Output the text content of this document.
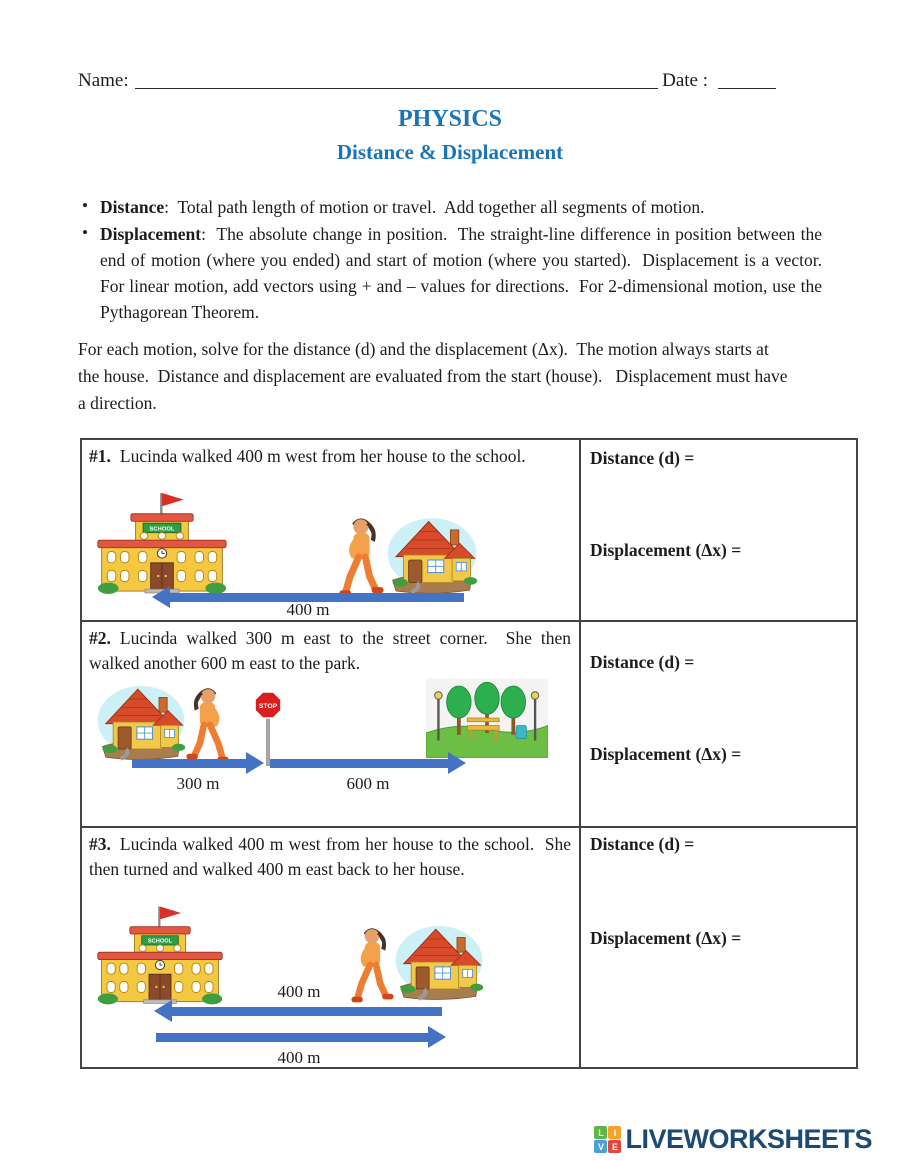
Name:	Date :
PHYSICS
Distance & Displacement
• Distance:  Total path length of motion or travel.  Add together all segments of motion.
• Displacement:  The absolute change in position.  The straight-line difference in position between the end of motion (where you ended) and start of motion (where you started).  Displacement is a vector.  For linear motion, add vectors using + and – values for directions.  For 2-dimensional motion, use the Pythagorean Theorem.

For each motion, solve for the distance (d) and the displacement (Δx).  The motion always starts at the house.  Distance and displacement are evaluated from the start (house).   Displacement must have a direction.

#1. Lucinda walked 400 m west from her house to the school.

400 m
Distance (d) =
Displacement (Δx) =

#2. Lucinda walked 300 m east to the street corner.  She then walked another 600 m east to the park.

300 m	600 m
Distance (d) =
Displacement (Δx) =

#3. Lucinda walked 400 m west from her house to the school.  She then turned and walked 400 m east back to her house.

400 m
400 m
Distance (d) =
Displacement (Δx) =
L	I
V E LIVEWORKSHEETS
